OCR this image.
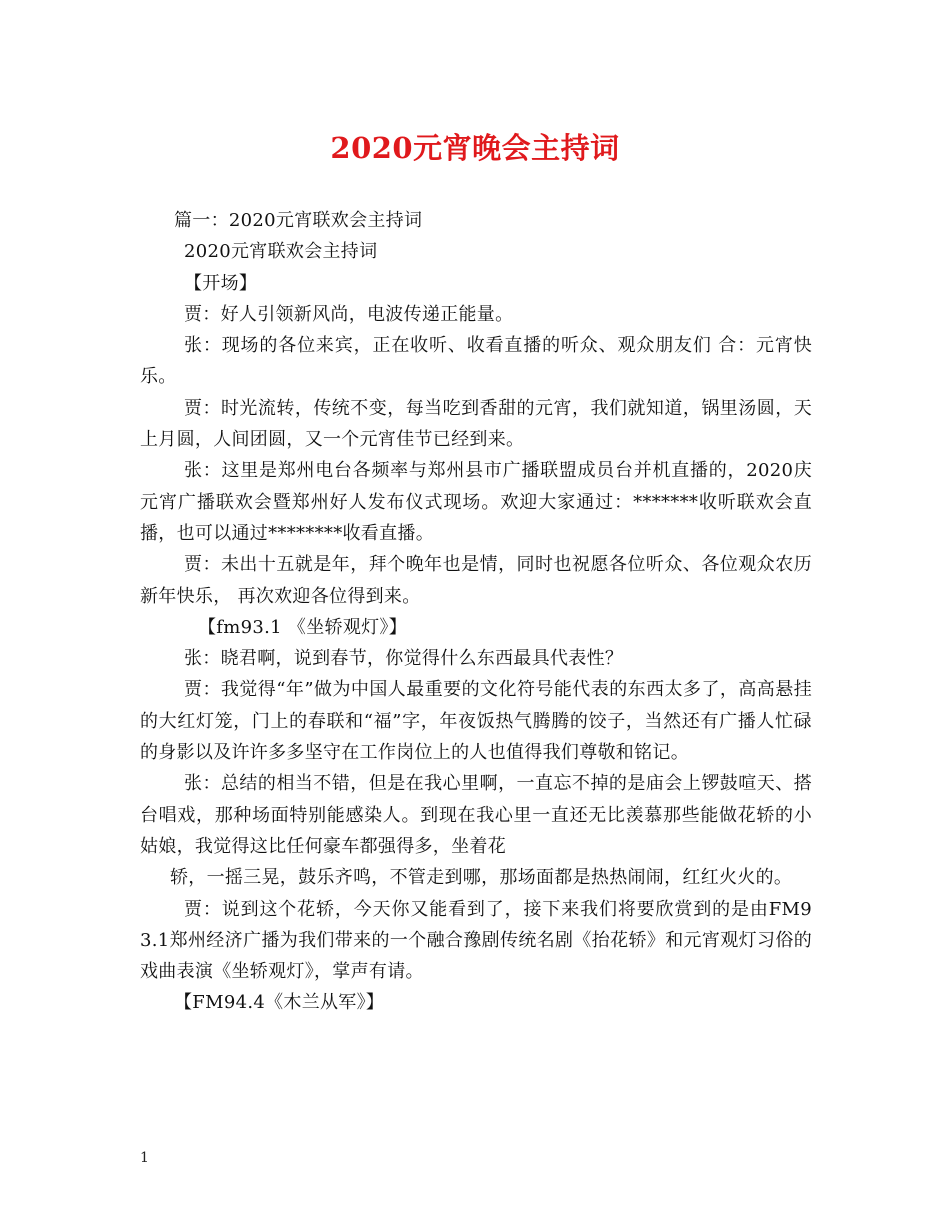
2020元宵晚会主持词

篇一：2020元宵联欢会主持词

2020元宵联欢会主持词

【开场】

贾：好人引领新风尚，电波传递正能量。

张：现场的各位来宾，正在收听、收看直播的听众、观众朋友们 合：元宵快乐。

贾：时光流转，传统不变，每当吃到香甜的元宵，我们就知道，锅里汤圆，天上月圆，人间团圆，又一个元宵佳节已经到来。

张：这里是郑州电台各频率与郑州县市广播联盟成员台并机直播的，2020庆元宵广播联欢会暨郑州好人发布仪式现场。欢迎大家通过：*******收听联欢会直播，也可以通过********收看直播。

贾：未出十五就是年，拜个晚年也是情，同时也祝愿各位听众、各位观众农历新年快乐， 再次欢迎各位得到来。

【fm93.1 《坐轿观灯》】

张：晓君啊，说到春节，你觉得什么东西最具代表性？

贾：我觉得“年”做为中国人最重要的文化符号能代表的东西太多了，高高悬挂的大红灯笼，门上的春联和“福”字，年夜饭热气腾腾的饺子，当然还有广播人忙碌的身影以及许许多多坚守在工作岗位上的人也值得我们尊敬和铭记。

张：总结的相当不错，但是在我心里啊，一直忘不掉的是庙会上锣鼓喧天、搭台唱戏，那种场面特别能感染人。到现在我心里一直还无比羡慕那些能做花轿的小姑娘，我觉得这比任何豪车都强得多，坐着花

轿，一摇三晃，鼓乐齐鸣，不管走到哪，那场面都是热热闹闹，红红火火的。

贾：说到这个花轿，今天你又能看到了，接下来我们将要欣赏到的是由FM93.1郑州经济广播为我们带来的一个融合豫剧传统名剧《抬花轿》和元宵观灯习俗的戏曲表演《坐轿观灯》，掌声有请。

【FM94.4《木兰从军》】

1
